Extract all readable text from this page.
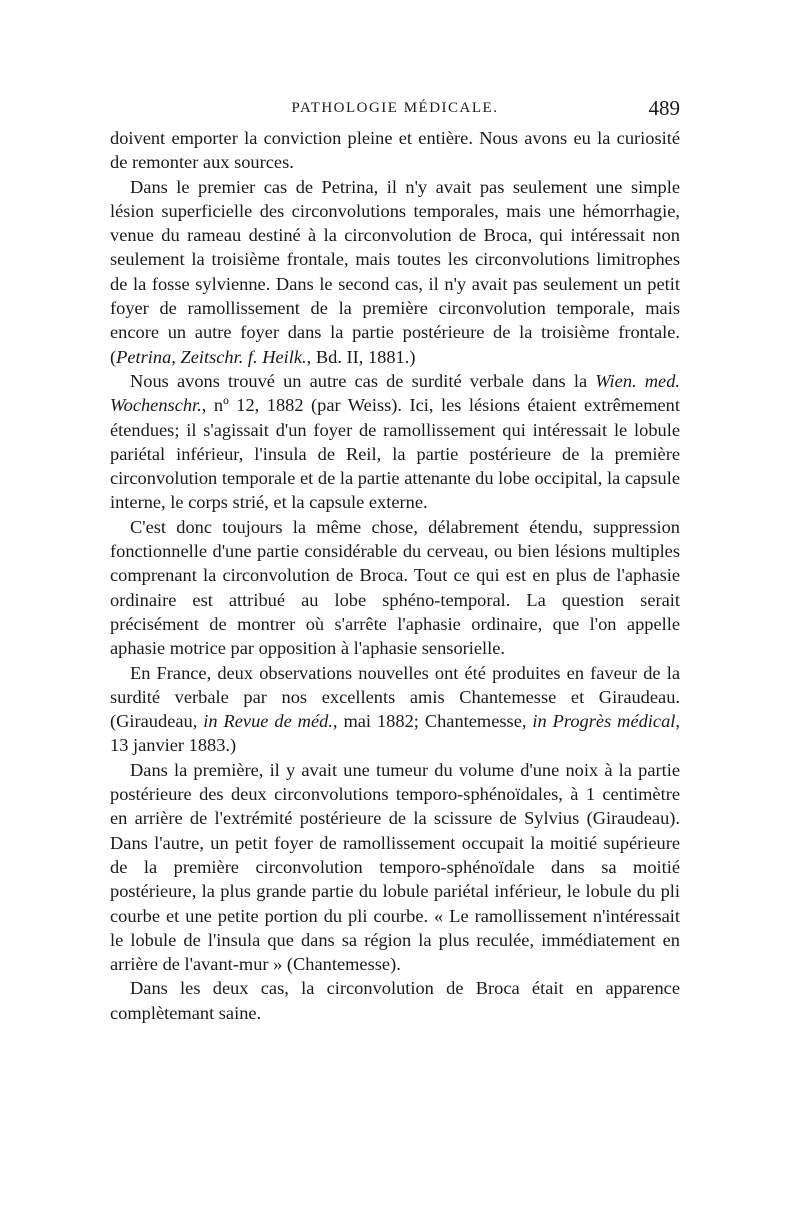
PATHOLOGIE MÉDICALE.	489

doivent emporter la conviction pleine et entière. Nous avons eu la curiosité de remonter aux sources.

Dans le premier cas de Petrina, il n'y avait pas seulement une simple lésion superficielle des circonvolutions temporales, mais une hémorrhagie, venue du rameau destiné à la circonvolution de Broca, qui intéressait non seulement la troisième frontale, mais toutes les circonvolutions limitrophes de la fosse sylvienne. Dans le second cas, il n'y avait pas seulement un petit foyer de ramollissement de la première circonvolution temporale, mais encore un autre foyer dans la partie postérieure de la troisième frontale. (Petrina, Zeitschr. f. Heilk., Bd. II, 1881.)

Nous avons trouvé un autre cas de surdité verbale dans la Wien. med. Wochenschr., nº 12, 1882 (par Weiss). Ici, les lésions étaient extrêmement étendues; il s'agissait d'un foyer de ramollissement qui intéressait le lobule pariétal inférieur, l'insula de Reil, la partie postérieure de la première circonvolution temporale et de la partie attenante du lobe occipital, la capsule interne, le corps strié, et la capsule externe.

C'est donc toujours la même chose, délabrement étendu, suppression fonctionnelle d'une partie considérable du cerveau, ou bien lésions multiples comprenant la circonvolution de Broca. Tout ce qui est en plus de l'aphasie ordinaire est attribué au lobe sphéno-temporal. La question serait précisément de montrer où s'arrête l'aphasie ordinaire, que l'on appelle aphasie motrice par opposition à l'aphasie sensorielle.

En France, deux observations nouvelles ont été produites en faveur de la surdité verbale par nos excellents amis Chantemesse et Giraudeau. (Giraudeau, in Revue de méd., mai 1882; Chantemesse, in Progrès médical, 13 janvier 1883.)

Dans la première, il y avait une tumeur du volume d'une noix à la partie postérieure des deux circonvolutions temporo-sphénoïdales, à 1 centimètre en arrière de l'extrémité postérieure de la scissure de Sylvius (Giraudeau). Dans l'autre, un petit foyer de ramollissement occupait la moitié supérieure de la première circonvolution temporo-sphénoïdale dans sa moitié postérieure, la plus grande partie du lobule pariétal inférieur, le lobule du pli courbe et une petite portion du pli courbe. « Le ramollissement n'intéressait le lobule de l'insula que dans sa région la plus reculée, immédiatement en arrière de l'avant-mur » (Chantemesse).

Dans les deux cas, la circonvolution de Broca était en apparence complètemant saine.
